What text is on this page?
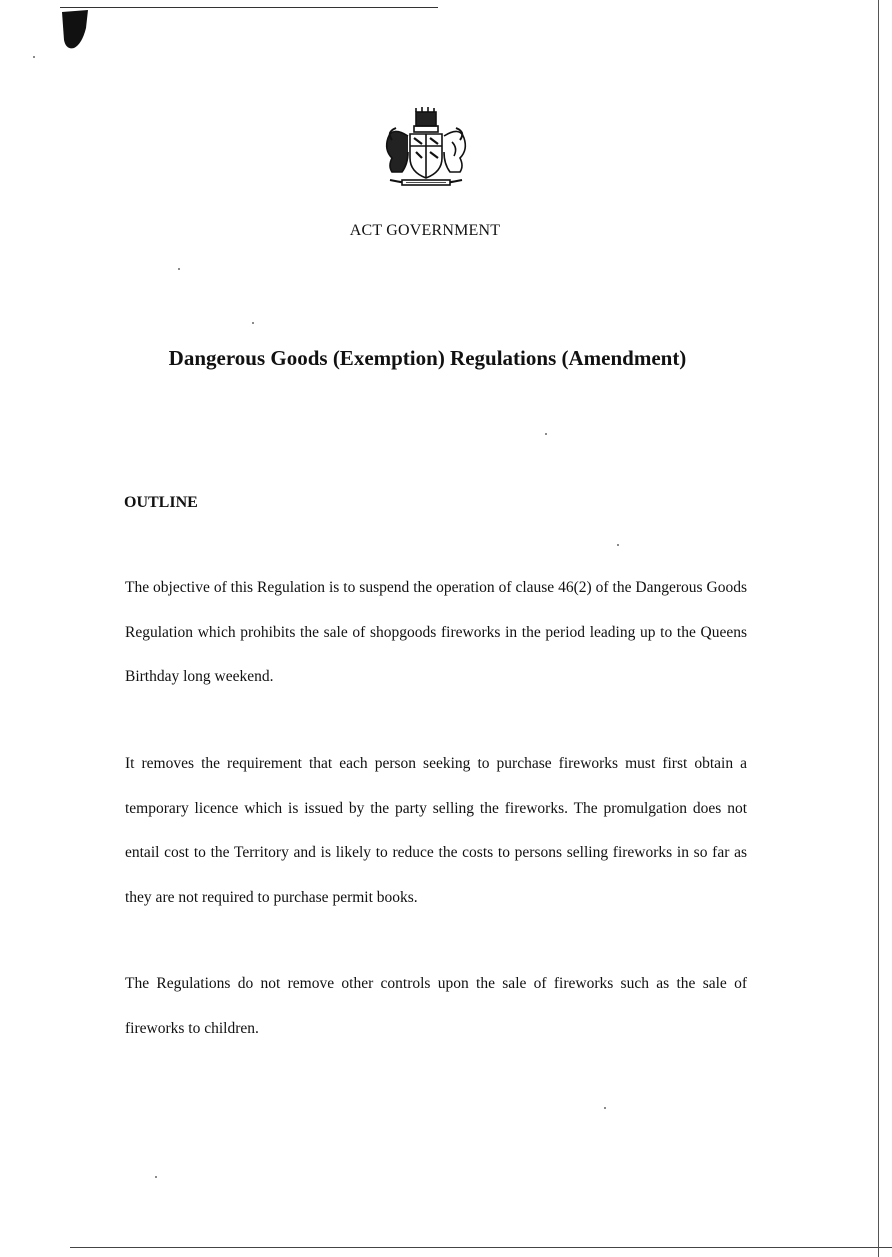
ACT GOVERNMENT
Dangerous Goods (Exemption) Regulations (Amendment)
OUTLINE
The objective of this Regulation is to suspend the operation of clause 46(2) of the Dangerous Goods Regulation which prohibits the sale of shopgoods fireworks in the period leading up to the Queens Birthday long weekend.
It removes the requirement that each person seeking to purchase fireworks must first obtain a temporary licence which is issued by the party selling the fireworks. The promulgation does not entail cost to the Territory and is likely to reduce the costs to persons selling fireworks in so far as they are not required to purchase permit books.
The Regulations do not remove other controls upon the sale of fireworks such as the sale of fireworks to children.
